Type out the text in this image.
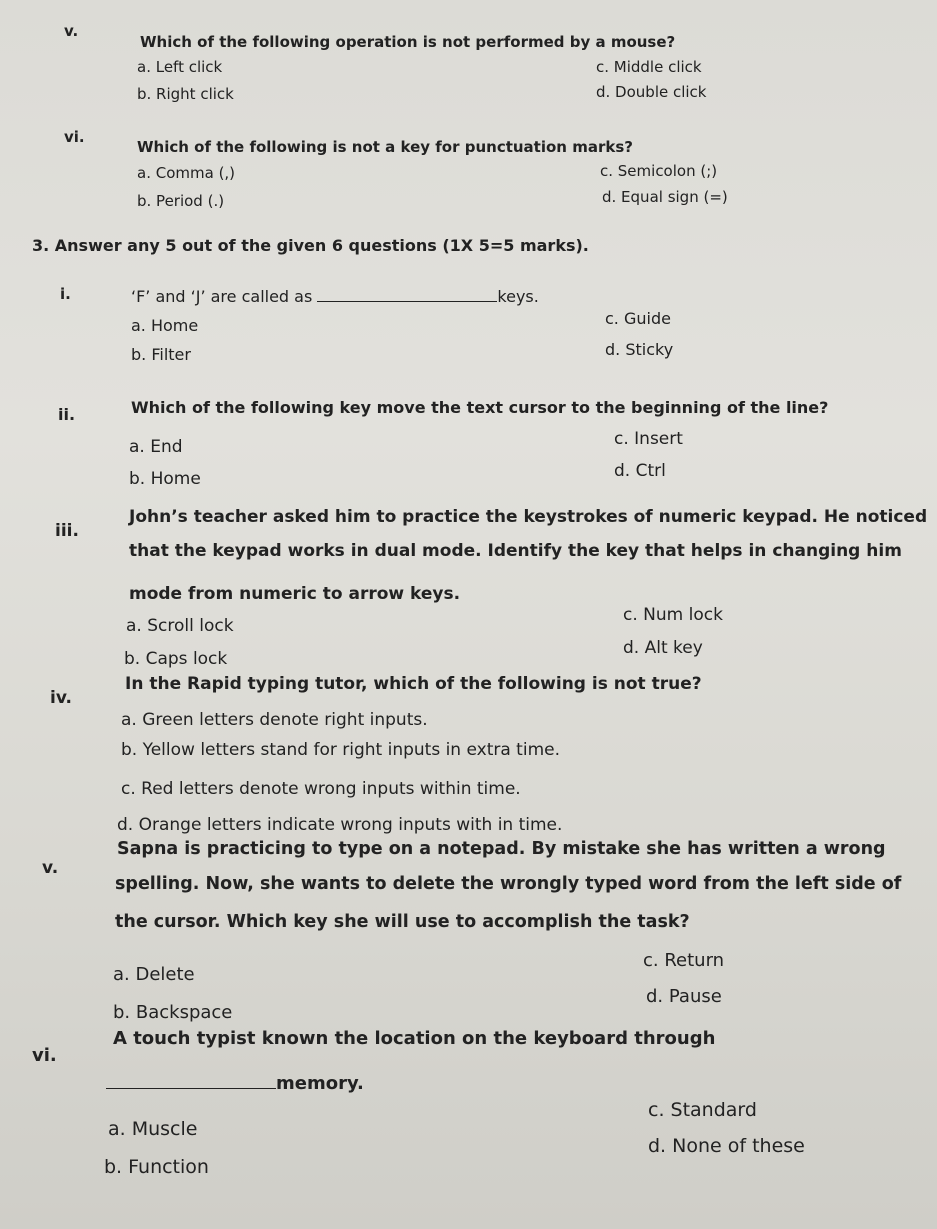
v.
Which of the following operation is not performed by a mouse?
a. Left click
b. Right click
c. Middle click
d. Double click
vi.
Which of the following is not a key for punctuation marks?
a. Comma (,)
b. Period (.)
c. Semicolon (;)
d. Equal sign (=)
3. Answer any 5 out of the given 6 questions (1X 5=5 marks).
i.	‘F’ and ‘J’ are called as	keys.
a. Home
b. Filter
c. Guide
d. Sticky
ii.	Which of the following key move the text cursor to the beginning of the line?
a. End
b. Home
c. Insert
d. Ctrl
iii.
John’s teacher asked him to practice the keystrokes of numeric keypad. He noticed
that the keypad works in dual mode. Identify the key that helps in changing him
mode from numeric to arrow keys.
a. Scroll lock
b. Caps lock
c. Num lock
d. Alt key
iv.
In the Rapid typing tutor, which of the following is not true?
a. Green letters denote right inputs.
b. Yellow letters stand for right inputs in extra time.
c. Red letters denote wrong inputs within time.
d. Orange letters indicate wrong inputs with in time.
v.
Sapna is practicing to type on a notepad. By mistake she has written a wrong
spelling. Now, she wants to delete the wrongly typed word from the left side of
the cursor. Which key she will use to accomplish the task?
a. Delete
b. Backspace
c. Return
d. Pause
vi.
A touch typist known the location on the keyboard through
memory.
a. Muscle
b. Function
c. Standard
d. None of these
